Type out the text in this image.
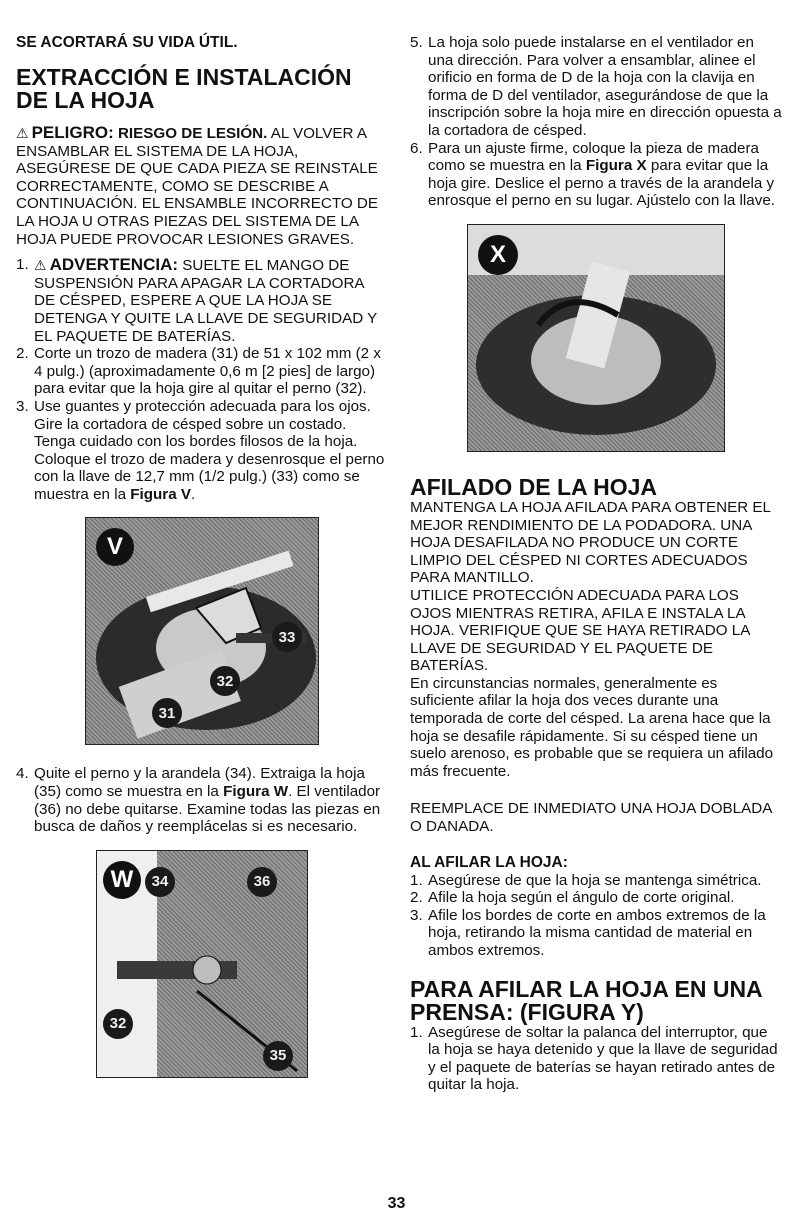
SE ACORTARÁ SU VIDA ÚTIL.

EXTRACCIÓN E INSTALACIÓN DE LA HOJA

⚠ PELIGRO: RIESGO DE LESIÓN. AL VOLVER A ENSAMBLAR EL SISTEMA DE LA HOJA, ASEGÚRESE DE QUE CADA PIEZA SE REINSTALE CORRECTAMENTE, COMO SE DESCRIBE A CONTINUACIÓN. EL ENSAMBLE INCORRECTO DE LA HOJA U OTRAS PIEZAS DEL SISTEMA DE LA HOJA PUEDE PROVOCAR LESIONES GRAVES.

1. ⚠ ADVERTENCIA: SUELTE EL MANGO DE SUSPENSIÓN PARA APAGAR LA CORTADORA DE CÉSPED, ESPERE A QUE LA HOJA SE DETENGA Y QUITE LA LLAVE DE SEGURIDAD Y EL PAQUETE DE BATERÍAS.
2. Corte un trozo de madera (31) de 51 x 102 mm (2 x 4 pulg.) (aproximadamente 0,6 m [2 pies] de largo) para evitar que la hoja gire al quitar el perno (32).
3. Use guantes y protección adecuada para los ojos. Gire la cortadora de césped sobre un costado. Tenga cuidado con los bordes filosos de la hoja. Coloque el trozo de madera y desenrosque el perno con la llave de 12,7 mm (1/2 pulg.) (33) como se muestra en la Figura V.
V
33
32
31
4. Quite el perno y la arandela (34). Extraiga la hoja (35) como se muestra en la Figura W. El ventilador (36) no debe quitarse. Examine todas las piezas en busca de daños y reemplácelas si es necesario.
W	34	36
32
35
5. La hoja solo puede instalarse en el ventilador en una dirección. Para volver a ensamblar, alinee el orificio en forma de D de la hoja con la clavija en forma de D del ventilador, asegurándose de que la inscripción sobre la hoja mire en dirección opuesta a la cortadora de césped.
6. Para un ajuste firme, coloque la pieza de madera como se muestra en la Figura X para evitar que la hoja gire. Deslice el perno a través de la arandela y enrosque el perno en su lugar. Ajústelo con la llave.
X
AFILADO DE LA HOJA

MANTENGA LA HOJA AFILADA PARA OBTENER EL MEJOR RENDIMIENTO DE LA PODADORA. UNA HOJA DESAFILADA NO PRODUCE UN CORTE LIMPIO DEL CÉSPED NI CORTES ADECUADOS PARA MANTILLO.

UTILICE PROTECCIÓN ADECUADA PARA LOS OJOS MIENTRAS RETIRA, AFILA E INSTALA LA HOJA. VERIFIQUE QUE SE HAYA RETIRADO LA LLAVE DE SEGURIDAD Y EL PAQUETE DE BATERÍAS.

En circunstancias normales, generalmente es suficiente afilar la hoja dos veces durante una temporada de corte del césped. La arena hace que la hoja se desafile rápidamente. Si su césped tiene un suelo arenoso, es probable que se requiera un afilado más frecuente.

REEMPLACE DE INMEDIATO UNA HOJA DOBLADA O DANADA.

AL AFILAR LA HOJA:
1. Asegúrese de que la hoja se mantenga simétrica.
2. Afile la hoja según el ángulo de corte original.
3. Afile los bordes de corte en ambos extremos de la hoja, retirando la misma cantidad de material en ambos extremos.
PARA AFILAR LA HOJA EN UNA PRENSA: (FIGURA Y)
1. Asegúrese de soltar la palanca del interruptor, que la hoja se haya detenido y que la llave de seguridad y el paquete de baterías se hayan retirado antes de quitar la hoja.
33
